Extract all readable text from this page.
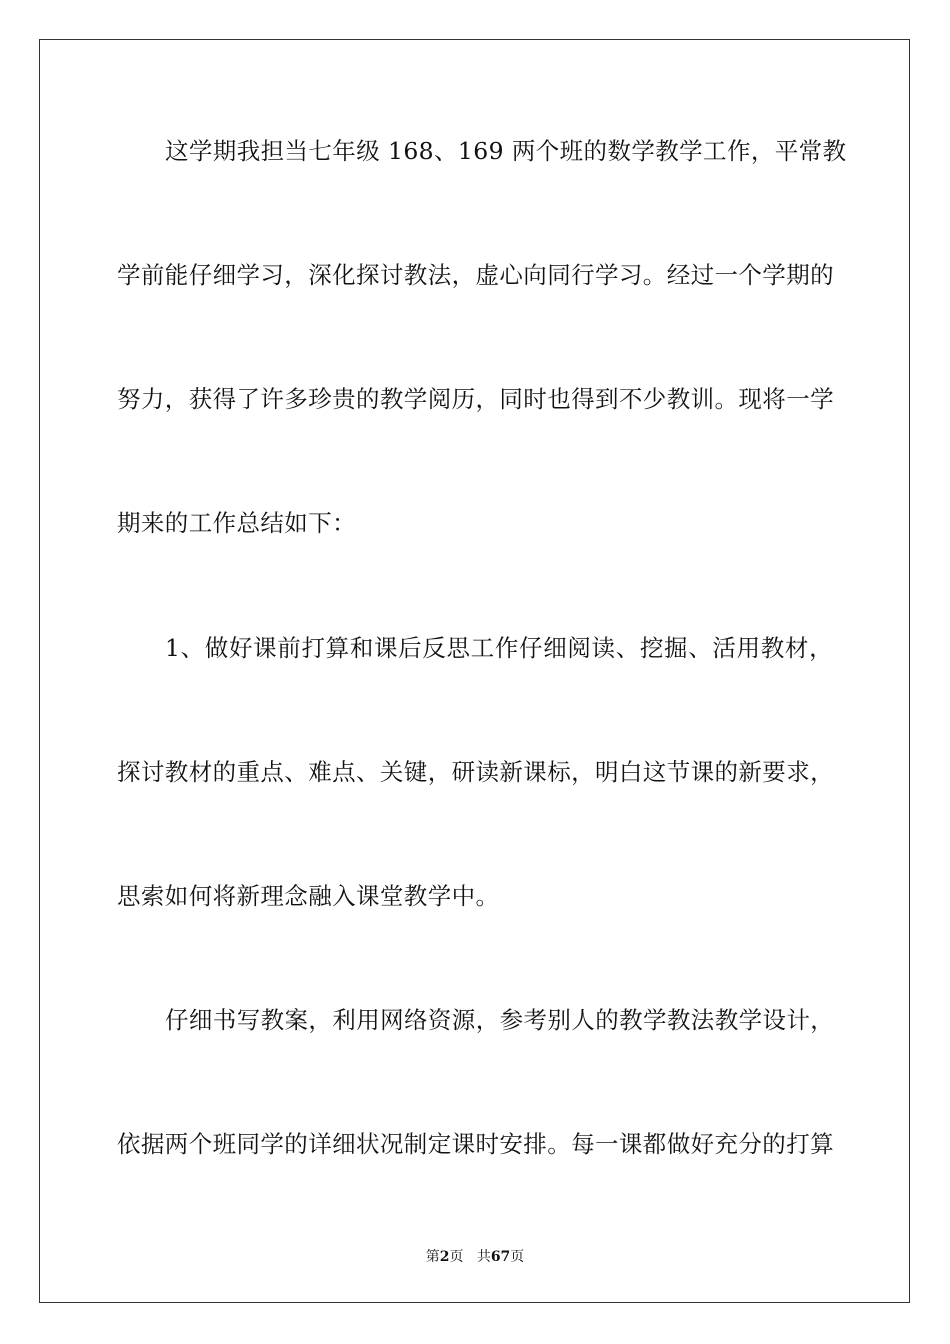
这学期我担当七年级 168、169 两个班的数学教学工作，平常教
学前能仔细学习，深化探讨教法，虚心向同行学习。经过一个学期的
努力，获得了许多珍贵的教学阅历，同时也得到不少教训。现将一学
期来的工作总结如下：
1、做好课前打算和课后反思工作仔细阅读、挖掘、活用教材，
探讨教材的重点、难点、关键，研读新课标，明白这节课的新要求，
思索如何将新理念融入课堂教学中。
仔细书写教案，利用网络资源，参考别人的教学教法教学设计，
依据两个班同学的详细状况制定课时安排。每一课都做好充分的打算
第2页 共67页
